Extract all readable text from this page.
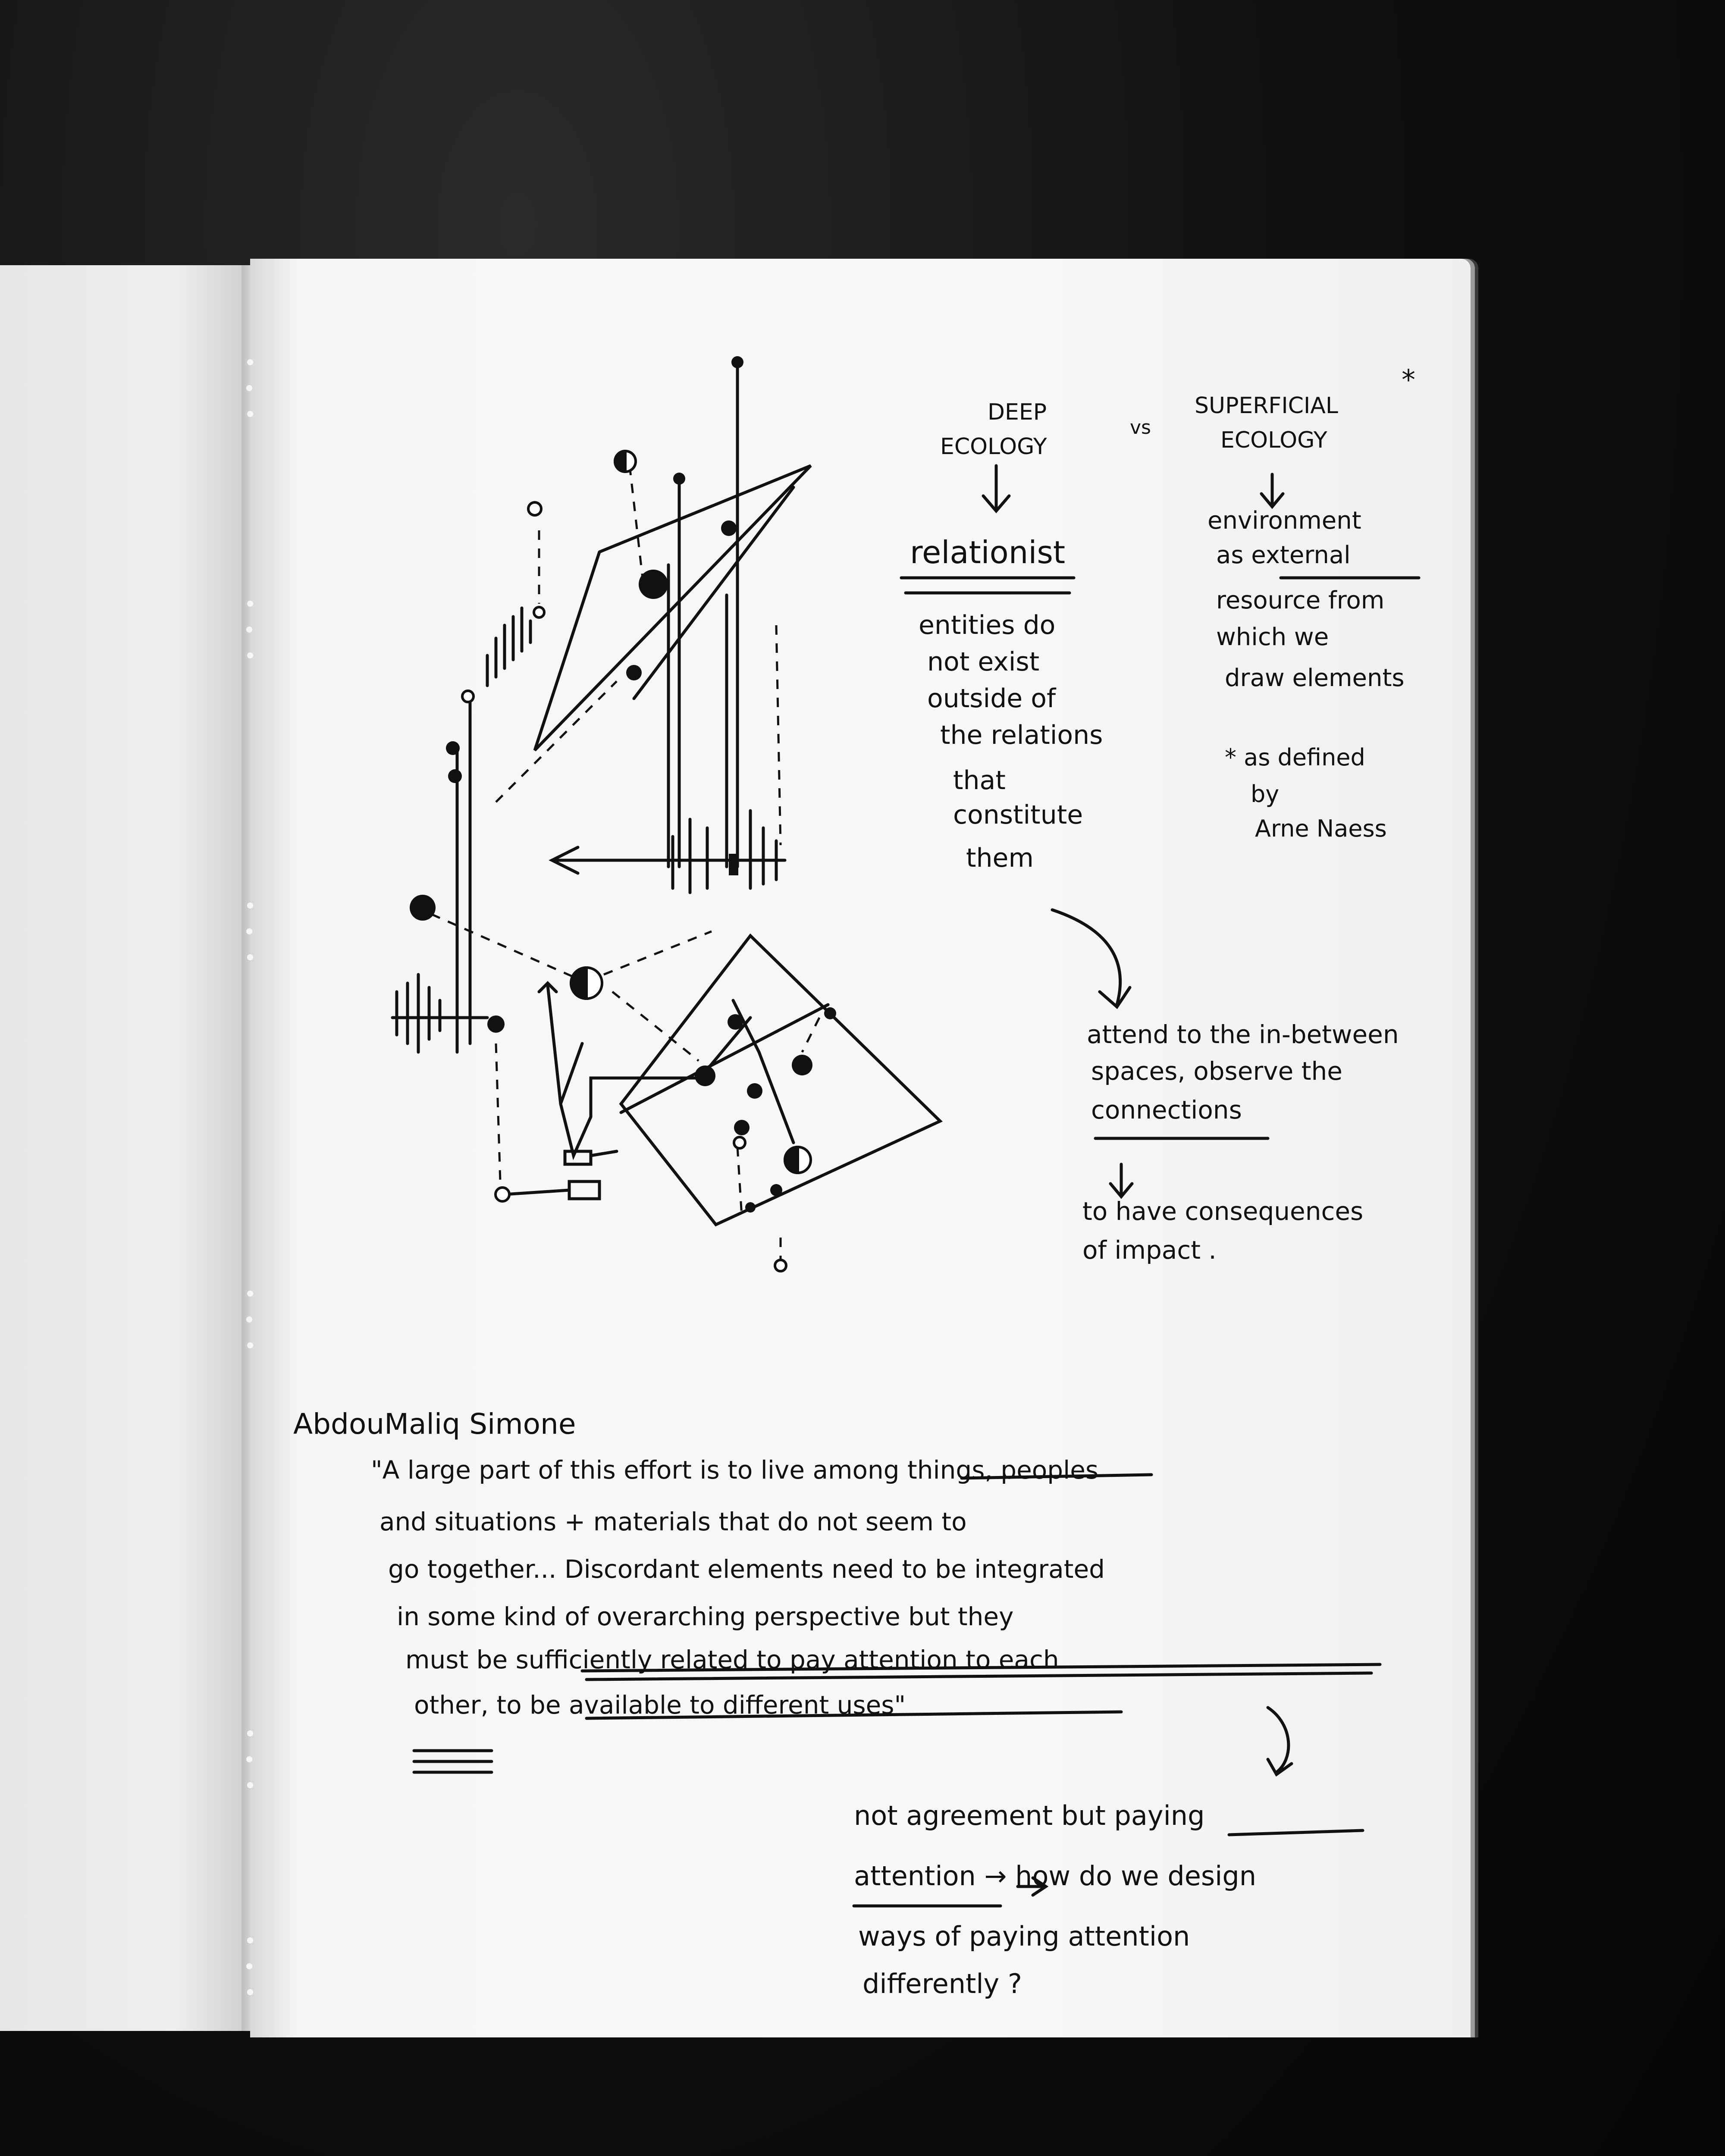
DEEP
ECOLOGY
vs
SUPERFICIAL
ECOLOGY
*
relationist
entities do
not exist
outside of
the relations
that
constitute
them
environment
as external
resource from
which we
draw elements
* as defined
by
Arne Naess
attend to the in-between
spaces, observe the
connections
to have consequences
of impact .
AbdouMaliq Simone
"A large part of this effort is to live among things, peoples
and situations + materials that do not seem to
go together... Discordant elements need to be integrated
in some kind of overarching perspective but they
must be sufficiently related to pay attention to each
other, to be available to different uses"
not agreement but paying
attention → how do we design
ways of paying attention
differently ?
